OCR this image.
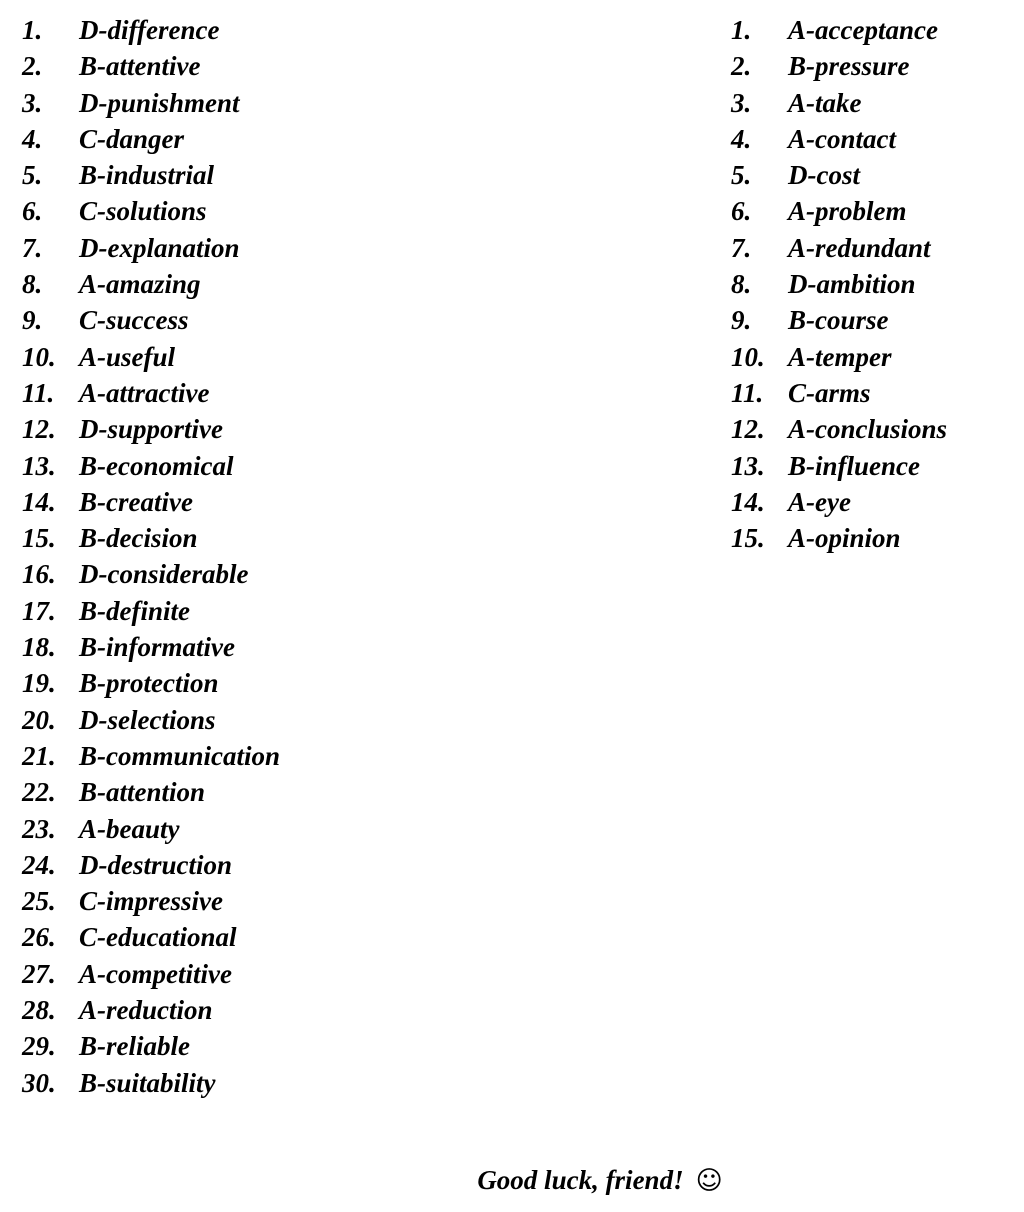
1.	D-difference
2.	B-attentive
3.	D-punishment
4.	C-danger
5.	B-industrial
6.	C-solutions
7.	D-explanation
8.	A-amazing
9.	C-success
10. A-useful
11. A-attractive
12. D-supportive
13. B-economical
14. B-creative
15. B-decision
16. D-considerable
17. B-definite
18. B-informative
19. B-protection
20. D-selections
21. B-communication
22. B-attention
23. A-beauty
24. D-destruction
25. C-impressive
26. C-educational
27. A-competitive
28. A-reduction
29. B-reliable
30. B-suitability
1.	A-acceptance
2.	B-pressure
3.	A-take
4.	A-contact
5.	D-cost
6.	A-problem
7.	A-redundant
8.	D-ambition
9.	B-course
10. A-temper
11. C-arms
12. A-conclusions
13. B-influence
14. A-eye
15. A-opinion
Good luck, friend! ☺
